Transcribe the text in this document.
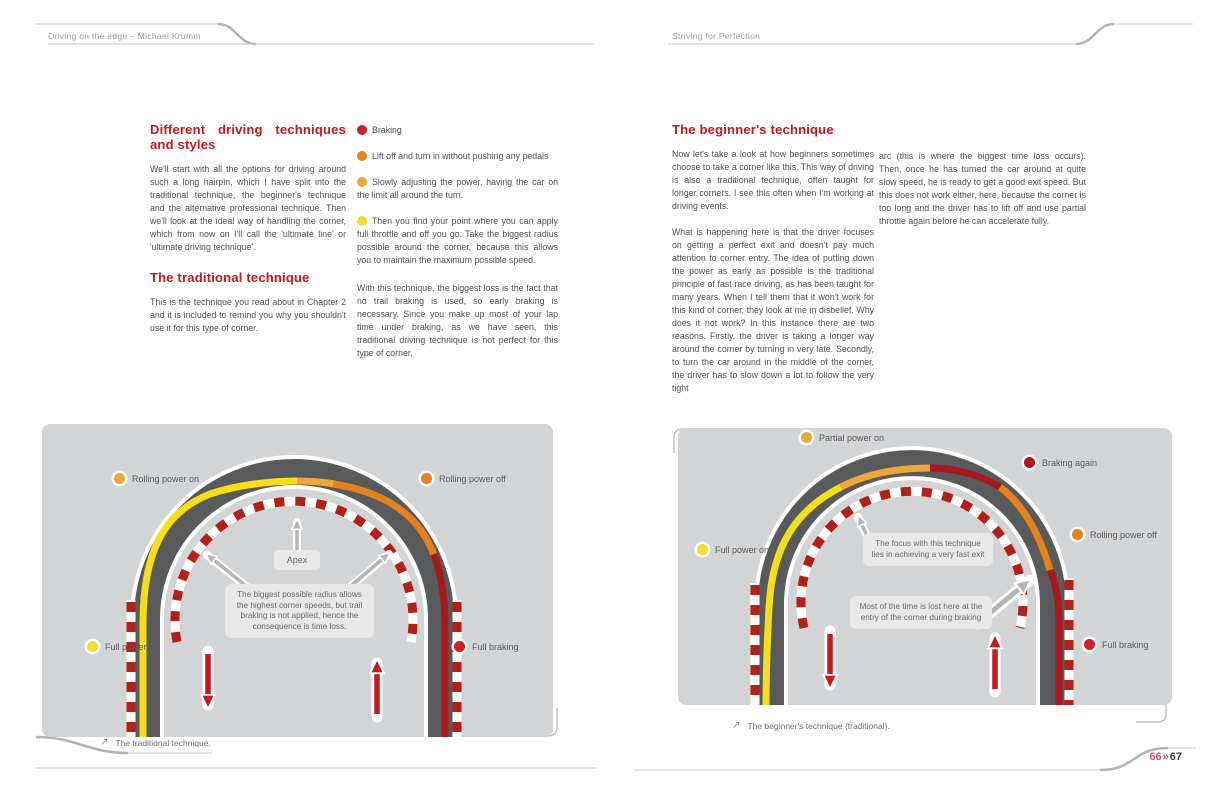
Driving on the edge – Michael Krumm	Striving for Perfection
Different driving techniques and styles

We'll start with all the options for driving around such a long hairpin, which I have split into the traditional technique, the beginner's technique and the alternative professional technique. Then we'll look at the ideal way of handling the corner, which from now on I'll call the 'ultimate line' or 'ultimate driving technique'.

The traditional technique

This is the technique you read about in Chapter 2 and it is included to remind you why you shouldn't use it for this type of corner.

Braking
Lift off and turn in without pushing any pedals
Slowly adjusting the power, having the car on the limit all around the turn.
Then you find your point where you can apply full throttle and off you go. Take the biggest radius possible around the corner, because this allows you to maintain the maximum possible speed.

With this technique, the biggest loss is the fact that no trail braking is used, so early braking is necessary. Since you make up most of your lap time under braking, as we have seen, this traditional driving technique is not perfect for this type of corner.

The beginner's technique

Now let's take a look at how beginners sometimes choose to take a corner like this. This way of driving is also a traditional technique, often taught for longer corners. I see this often when I'm working at driving events.

What is happening here is that the driver focuses on getting a perfect exit and doesn't pay much attention to corner entry. The idea of putting down the power as early as possible is the traditional principle of fast race driving, as has been taught for many years. When I tell them that it won't work for this kind of corner, they look at me in disbelief. Why does it not work? In this instance there are two reasons. Firstly, the driver is taking a longer way around the corner by turning in very late. Secondly, to turn the car around in the middle of the corner, the driver has to slow down a lot to follow the very tight

arc (this is where the biggest time loss occurs). Then, once he has turned the car around at quite slow speed, he is ready to get a good exit speed. But this does not work either, here, because the corner is too long and the driver has to lift off and use partial throttle again before he can accelerate fully.

Rolling power on	Rolling power off
Full power on	Full braking
Apex
The biggest possible radius allows the highest corner speeds, but trail braking is not applied, hence the consequence is time loss.
↗ The traditional technique.
Partial power on
Braking again
Rolling power off
Full power on
Full braking
The focus with this technique lies in achieving a very fast exit
Most of the time is lost here at the entry of the corner during braking
↗ The beginner's technique (traditional).
66»67
